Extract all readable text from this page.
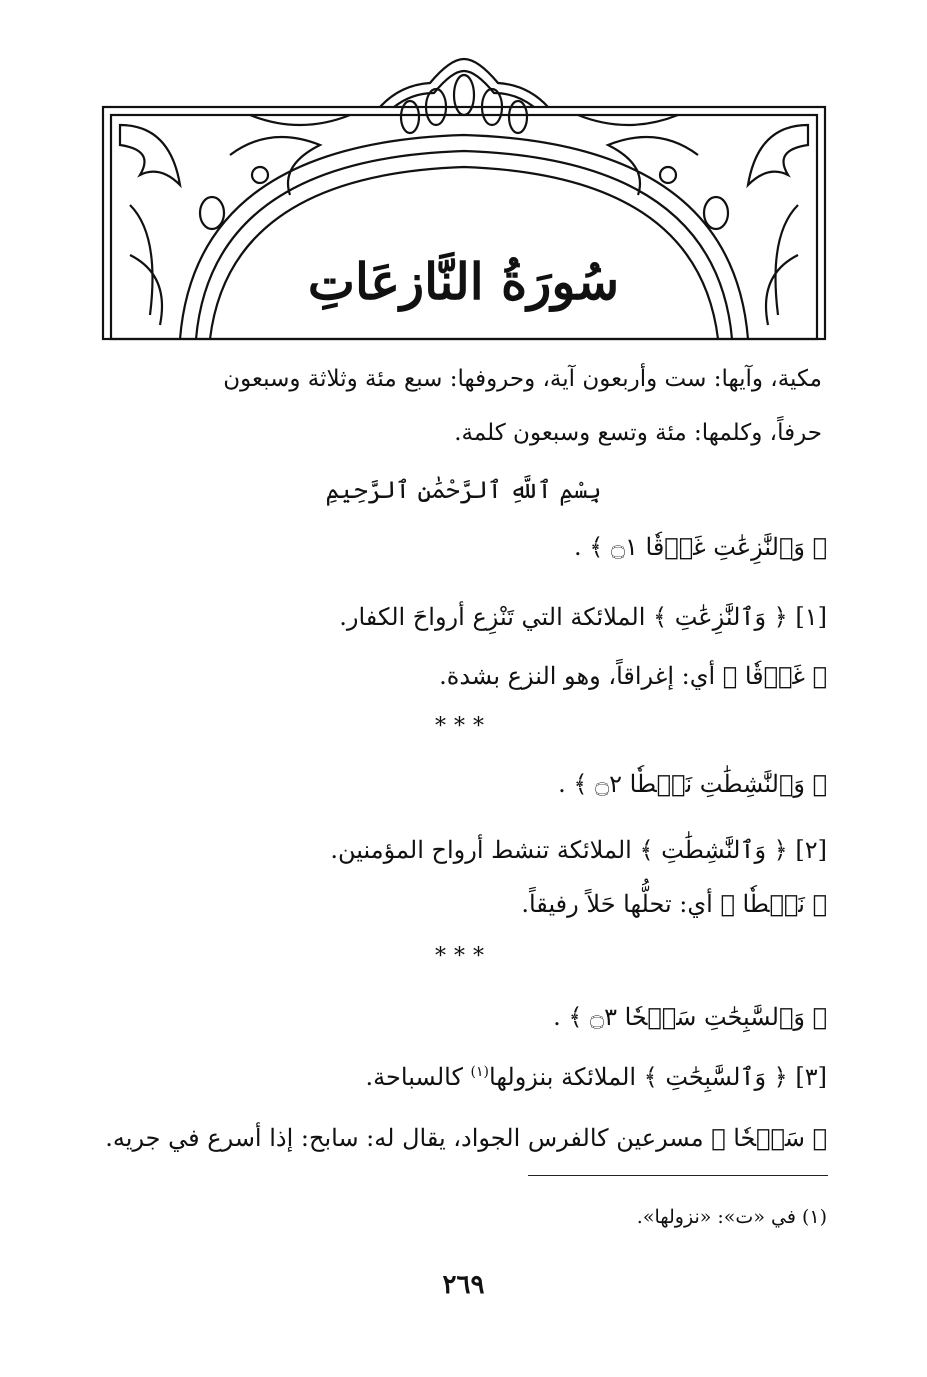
سُورَةُ النَّازعَاتِ
مكية، وآيها: ست وأربعون آية، وحروفها: سبع مئة وثلاثة وسبعون
حرفاً، وكلمها: مئة وتسع وسبعون كلمة.
بِسْمِ ٱللَّهِ ٱلرَّحْمَٰنِ ٱلرَّحِيمِ
﴿ وَٱلنَّٰزِعَٰتِ غَرۡقٗا ۝١ ﴾ .
[١] ﴿ وَٱلنَّٰزِعَٰتِ ﴾ الملائكة التي تَنْزِع أرواحَ الكفار.
﴿ غَرۡقٗا ﴾ أي: إغراقاً، وهو النزع بشدة.
***
﴿ وَٱلنَّٰشِطَٰتِ نَشۡطٗا ۝٢ ﴾ .
[٢] ﴿ وَٱلنَّٰشِطَٰتِ ﴾ الملائكة تنشط أرواح المؤمنين.
﴿ نَشۡطٗا ﴾ أي: تحلُّها حَلاً رفيقاً.
***
﴿ وَٱلسَّٰبِحَٰتِ سَبۡحٗا ۝٣ ﴾ .
[٣] ﴿ وَٱلسَّٰبِحَٰتِ ﴾ الملائكة بنزولها$^{(١)}$ كالسباحة.
﴿ سَبۡحٗا ﴾ مسرعين كالفرس الجواد، يقال له: سابح: إذا أسرع في جريه.
(١) في «ت»: «نزولها».
٢٦٩
